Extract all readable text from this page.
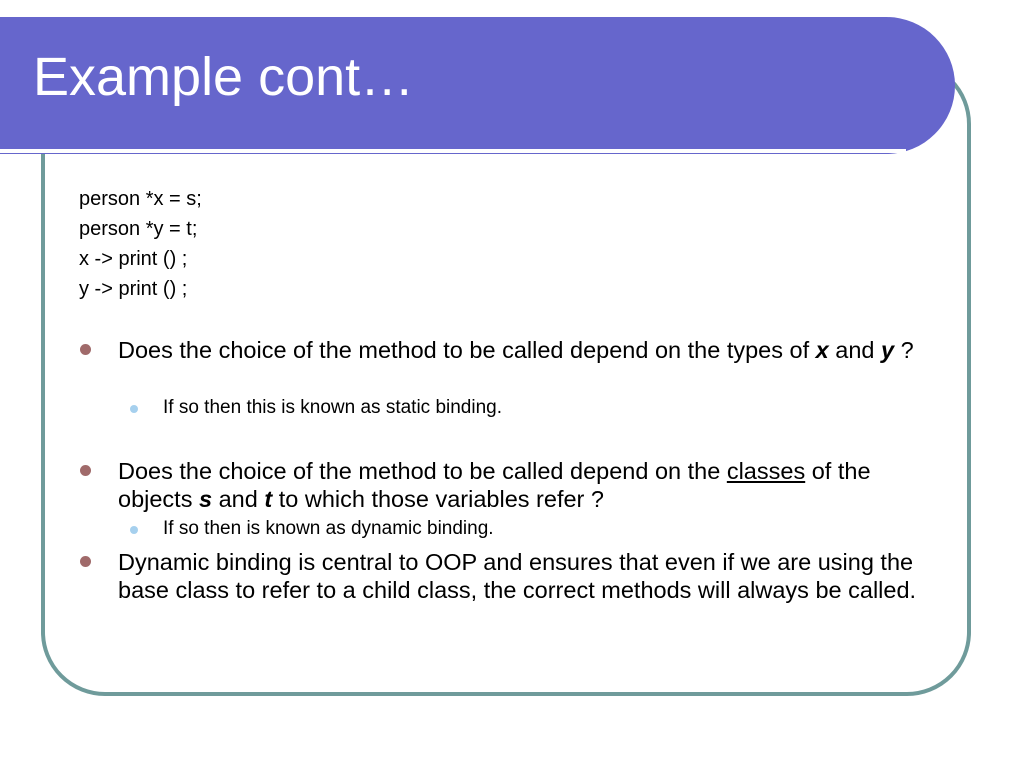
Example cont…
person *x = s;
person *y = t;
x -> print () ;
y -> print () ;
Does the choice of the method to be called depend on the types of x and y ?
If so then this is known as static binding.
Does the choice of the method to be called depend on the classes of the objects s and t to which those variables refer ?
If so then is known as dynamic binding.
Dynamic binding is central to OOP and ensures that even if we are using the base class to refer to a child class, the correct methods will always be called.
